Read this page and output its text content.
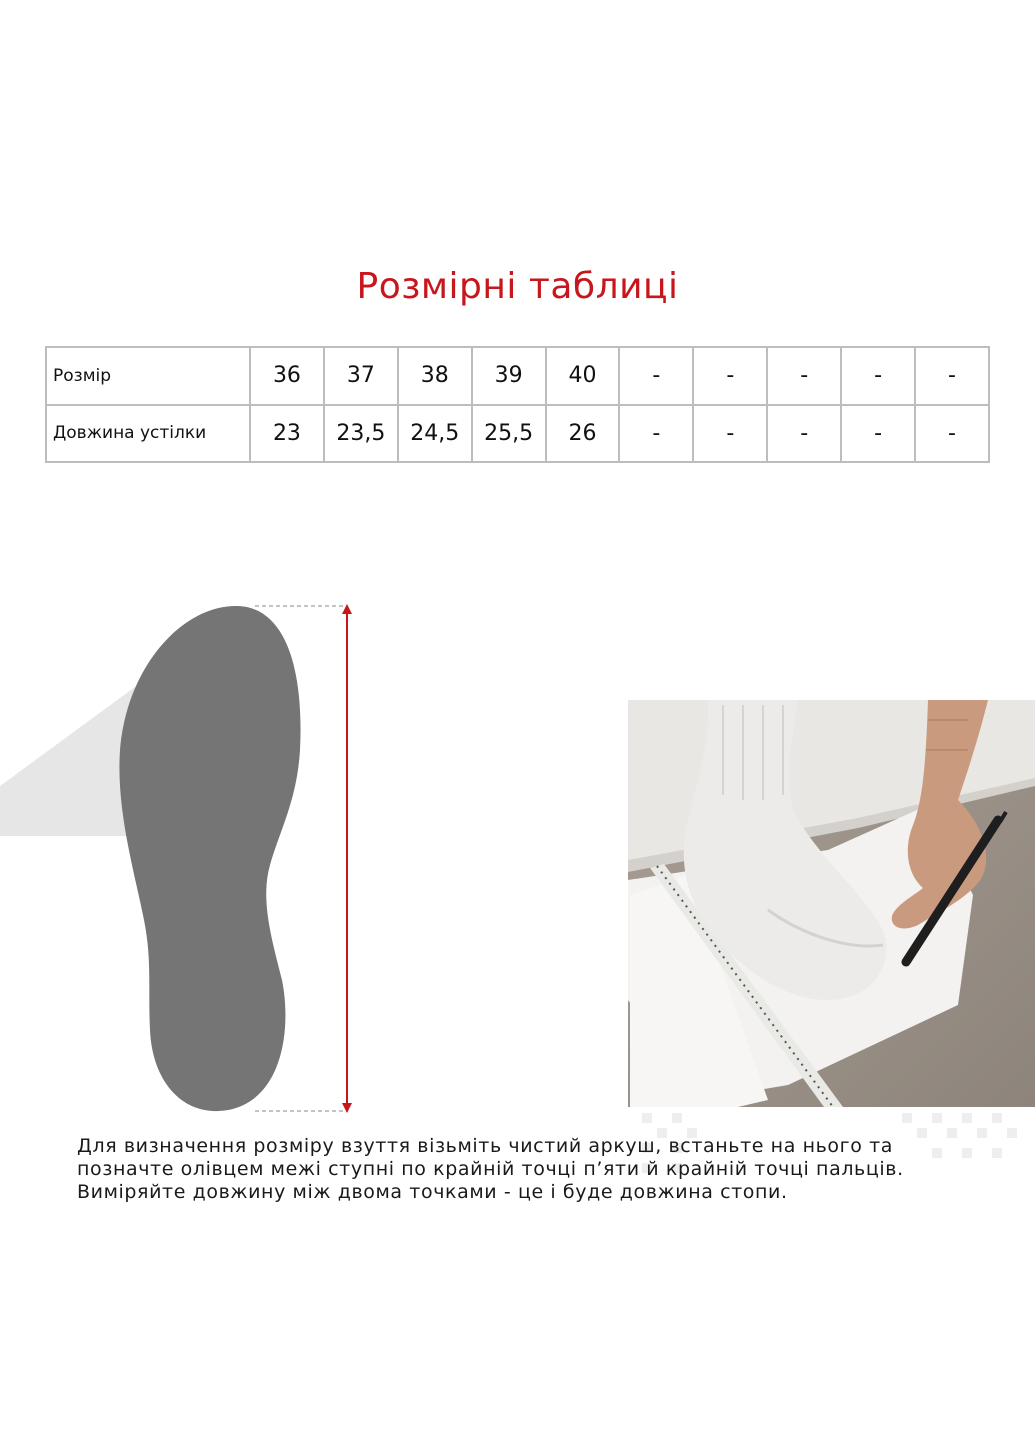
Розмірні таблиці
Розмір	36	37	38	39	40	-	-	-	-	-
Довжина устілки	23	23,5	24,5	25,5	26	-	-	-	-	-

Для визначення розміру взуття візьміть чистий аркуш, встаньте на нього та
позначте олівцем межі ступні по крайній точці п’яти й крайній точці пальців.
Виміряйте довжину між двома точками - це і буде довжина стопи.
